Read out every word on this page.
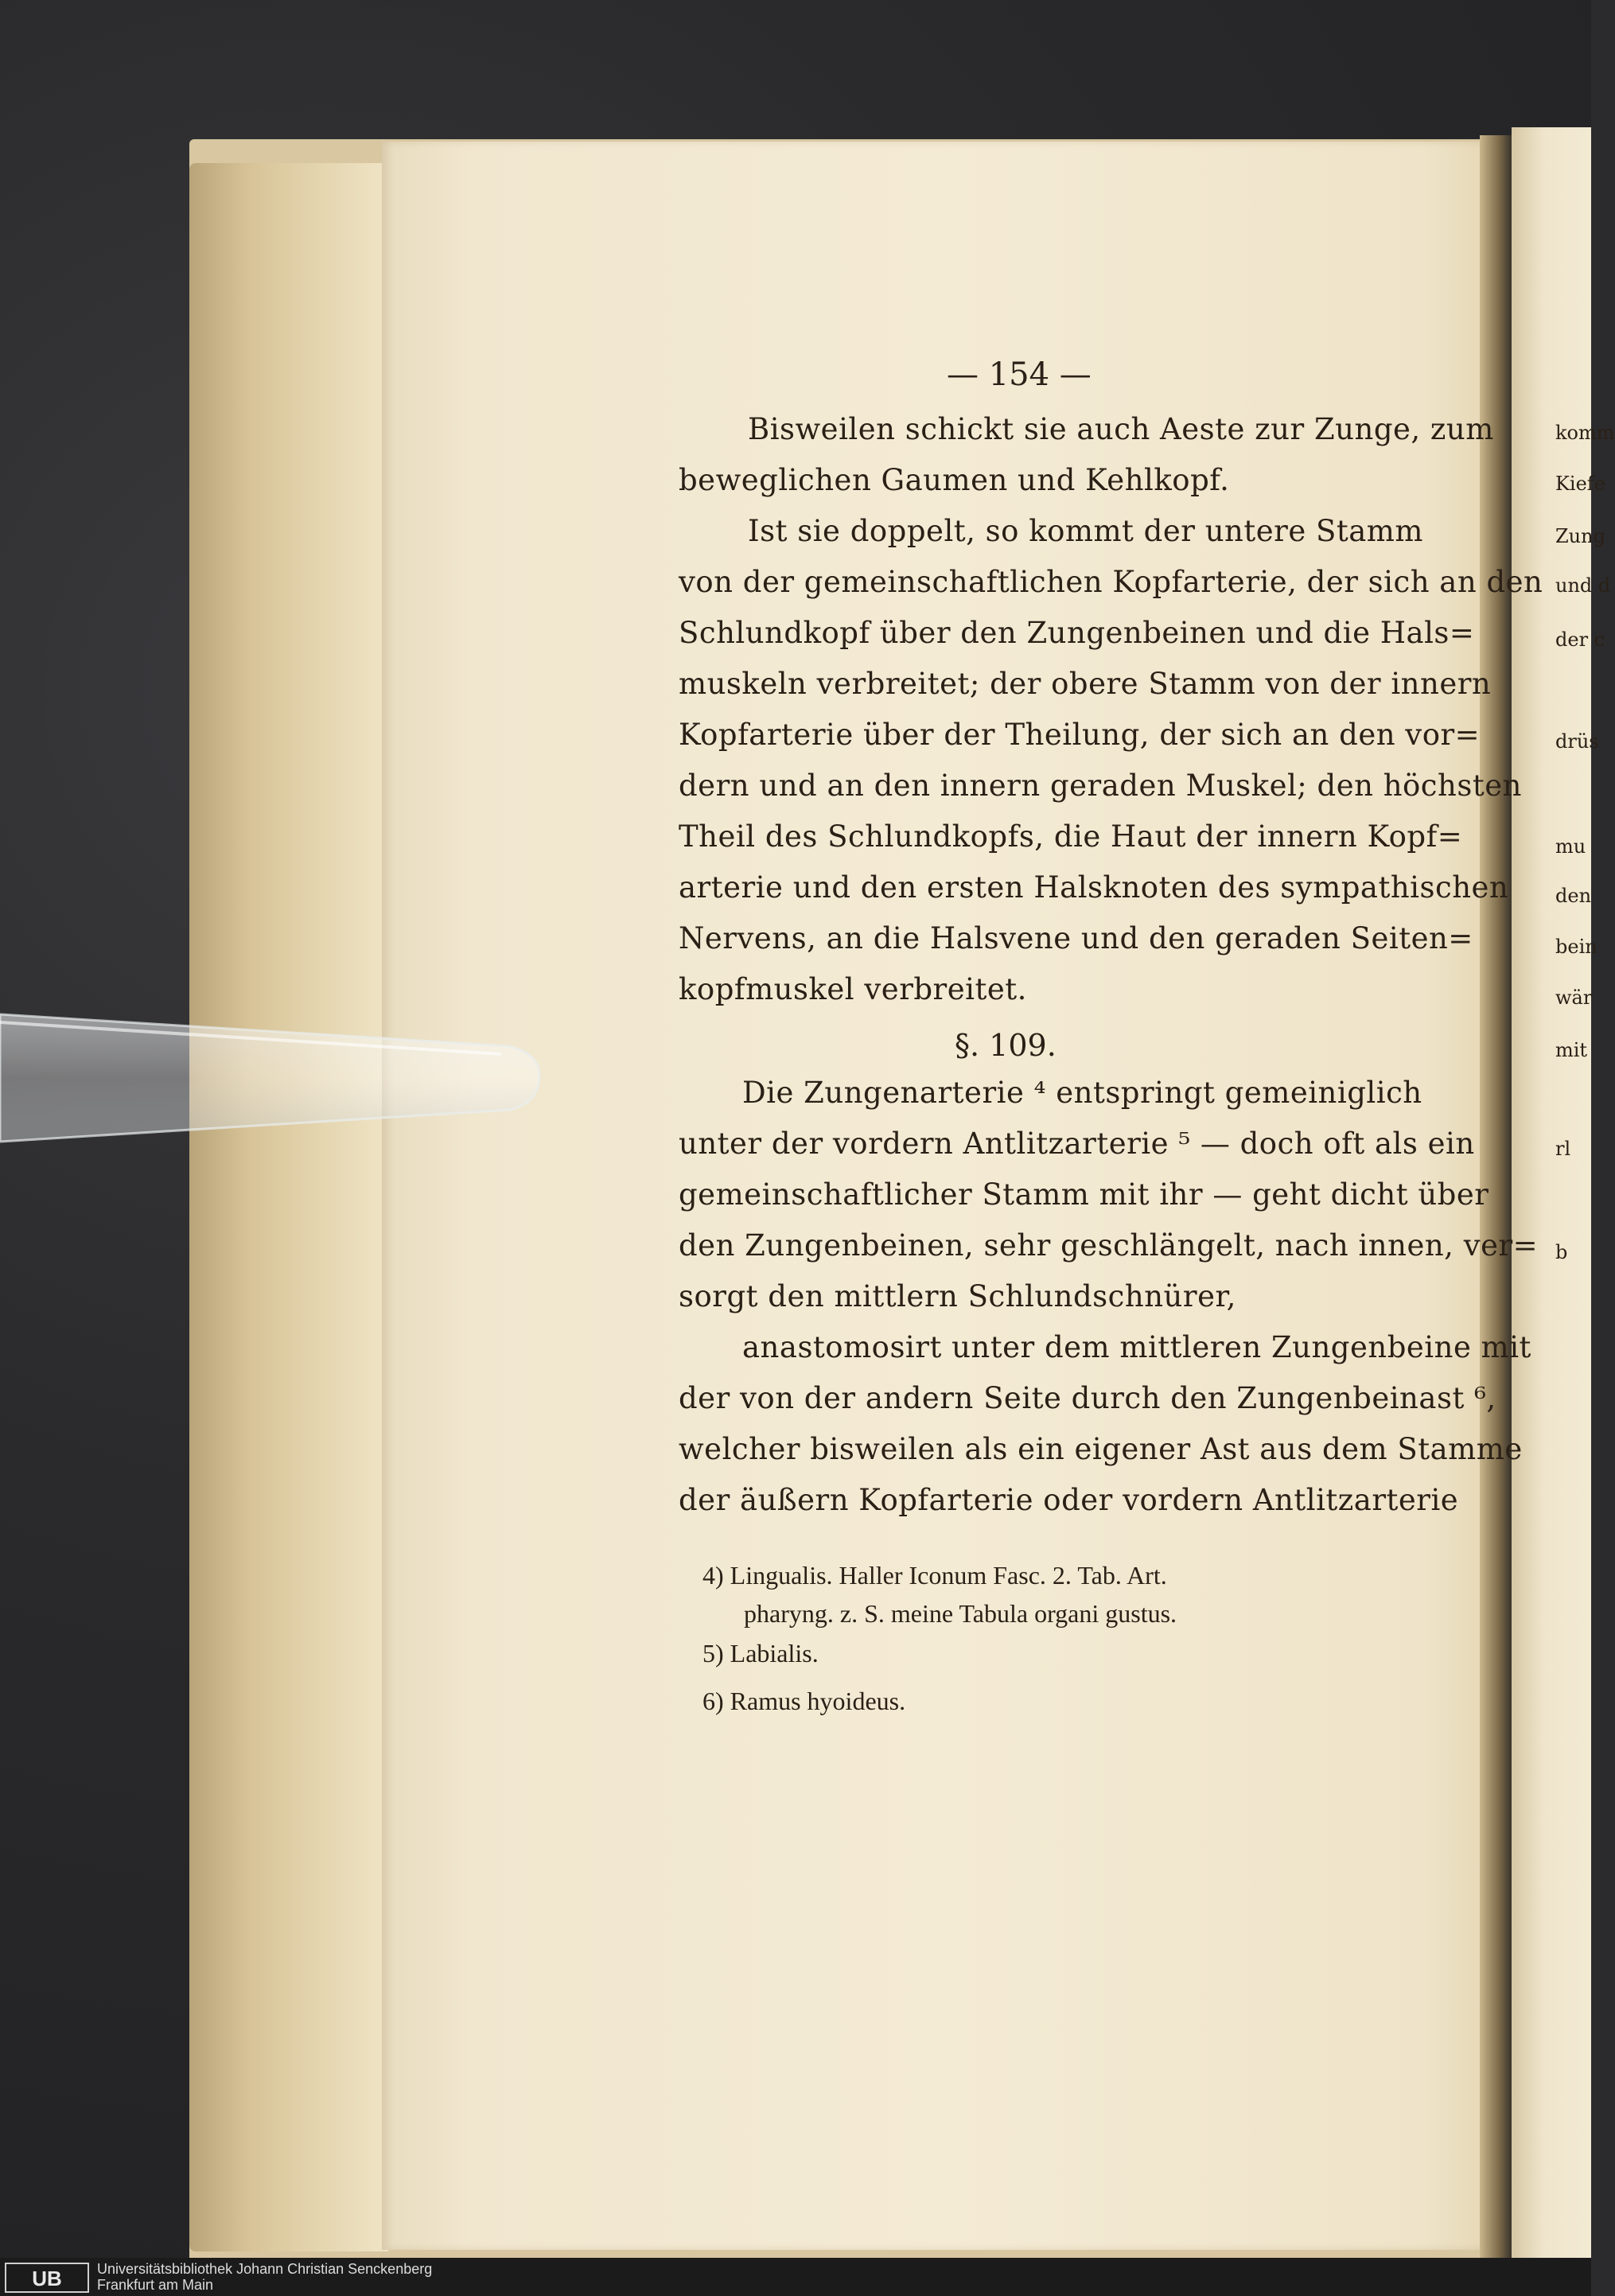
— 154 —
Bisweilen schickt sie auch Aeste zur Zunge, zum
beweglichen Gaumen und Kehlkopf.
Ist sie doppelt, so kommt der untere Stamm
von der gemeinschaftlichen Kopfarterie, der sich an den
Schlundkopf über den Zungenbeinen und die Hals=
muskeln verbreitet; der obere Stamm von der innern
Kopfarterie über der Theilung, der sich an den vor=
dern und an den innern geraden Muskel; den höchsten
Theil des Schlundkopfs, die Haut der innern Kopf=
arterie und den ersten Halsknoten des sympathischen
Nervens, an die Halsvene und den geraden Seiten=
kopfmuskel verbreitet.
§. 109.
Die Zungenarterie ⁴ entspringt gemeiniglich
unter der vordern Antlitzarterie ⁵ — doch oft als ein
gemeinschaftlicher Stamm mit ihr — geht dicht über
den Zungenbeinen, sehr geschlängelt, nach innen, ver=
sorgt den mittlern Schlundschnürer,
anastomosirt unter dem mittleren Zungenbeine mit
der von der andern Seite durch den Zungenbeinast ⁶,
welcher bisweilen als ein eigener Ast aus dem Stamme
der äußern Kopfarterie oder vordern Antlitzarterie
4) Lingualis. Haller Iconum Fasc. 2. Tab. Art.
pharyng. z. S. meine Tabula organi gustus.
5) Labialis.
6) Ramus hyoideus.
komm
Kiefe
Zung
und d
der c
drüs
mu
den
bein
wär
mit
rl
b
UB	Universitätsbibliothek Johann Christian Senckenberg
Frankfurt am Main
